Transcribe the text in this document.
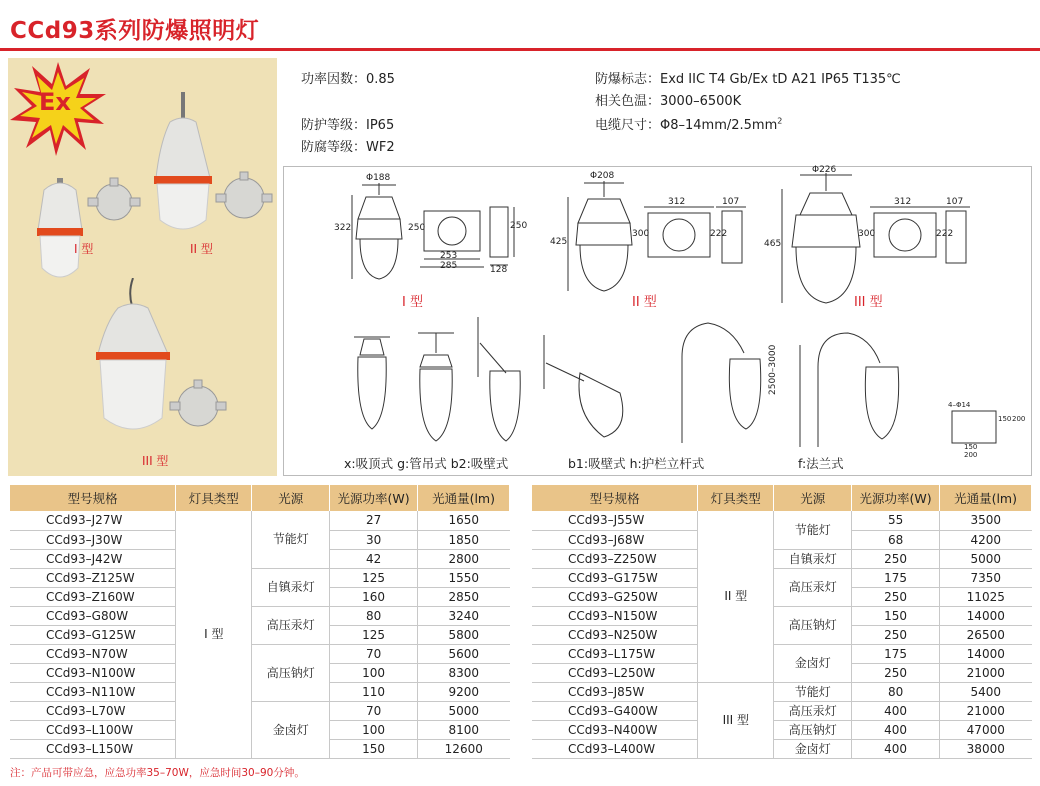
CCd93系列防爆照明灯
Ex
I 型	II 型
III 型
功率因数：0.85
防护等级：IP65
防腐等级：WF2
防爆标志：Exd IIC T4 Gb/Ex tD A21 IP65 T135℃
相关色温：3000–6500K
电缆尺寸：$\Phi 8-14mm/2.5mm^2$
I 型	II 型	III 型
Φ188
322	250
253
285
250
128
Φ208
425
300
312	107
222
Φ226
465
300
312	107
222
2500–3000
4–Φ14
150 200
150
200
x:吸顶式 g:管吊式 b2:吸壁式	b1:吸壁式 h:护栏立杆式	f:法兰式
型号规格	灯具类型	光源	光源功率(W)	光通量(lm)
CCd93–J27W	I 型	节能灯	27	1650
CCd93–J30W			30	1850
CCd93–J42W			42	2800
CCd93–Z125W		自镇汞灯	125	1550
CCd93–Z160W			160	2850
CCd93–G80W		高压汞灯	80	3240
CCd93–G125W			125	5800
CCd93–N70W		高压钠灯	70	5600
CCd93–N100W			100	8300
CCd93–N110W			110	9200
CCd93–L70W		金卤灯	70	5000
CCd93–L100W			100	8100
CCd93–L150W			150	12600
型号规格	灯具类型	光源	光源功率(W)	光通量(lm)
CCd93–J55W	II 型	节能灯	55	3500
CCd93–J68W			68	4200
CCd93–Z250W		自镇汞灯	250	5000
CCd93–G175W		高压汞灯	175	7350
CCd93–G250W			250	11025
CCd93–N150W		高压钠灯	150	14000
CCd93–N250W			250	26500
CCd93–L175W		金卤灯	175	14000
CCd93–L250W			250	21000
CCd93–J85W	III 型	节能灯	80	5400
CCd93–G400W		高压汞灯	400	21000
CCd93–N400W		高压钠灯	400	47000
CCd93–L400W		金卤灯	400	38000
注：产品可带应急，应急功率35–70W，应急时间30–90分钟。
